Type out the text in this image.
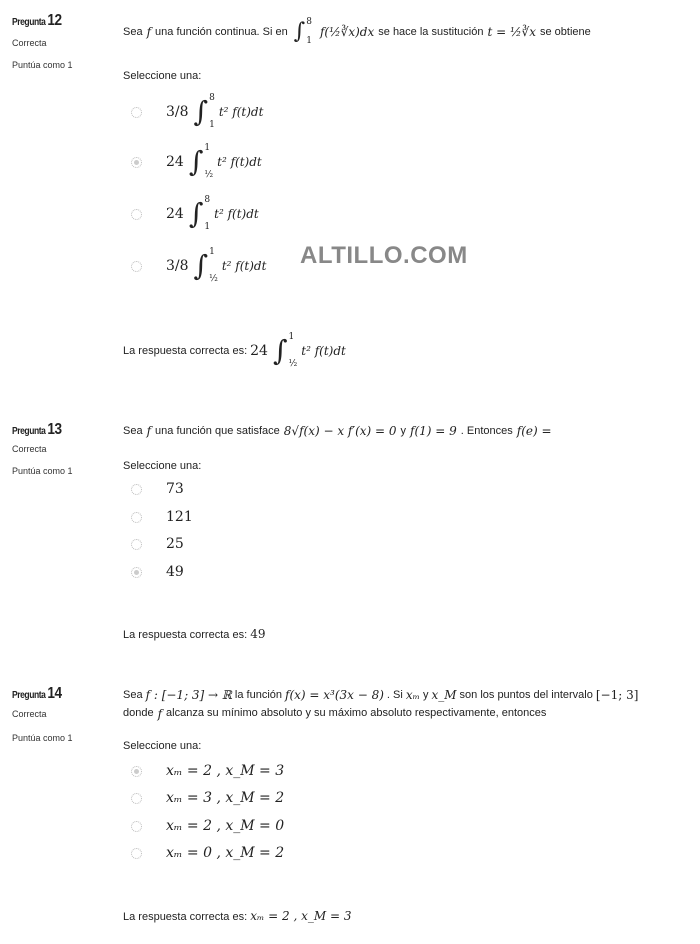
Pregunta 12
Correcta
Puntúa como 1
Sea f una función continua. Si en ∫ 8
1
f(½∛x)dx se hace la sustitución t = ½∛x se obtiene
Seleccione una:
3/8 ∫ 8
1
t² f(t)dt
24 ∫ 1
½
t² f(t)dt
24 ∫ 8
1
t² f(t)dt
3/8 ∫ 1
½
t² f(t)dt ALTILLO.COM
La respuesta correcta es: 24 ∫ 1
½
t² f(t)dt
Pregunta 13
Correcta
Puntúa como 1
Sea f una función que satisface 8√f(x) − x f′(x) = 0 y f(1) = 9 . Entonces f(e) =
Seleccione una:
73
121
25
49
La respuesta correcta es: 49
Pregunta 14
Correcta
Puntúa como 1
Sea f : [−1; 3] → ℝ la función f(x) = x³(3x − 8) . Si xₘ y x_M son los puntos del intervalo [−1; 3]
donde f alcanza su mínimo absoluto y su máximo absoluto respectivamente, entonces
Seleccione una:
xₘ = 2 , x_M = 3
xₘ = 3 , x_M = 2
xₘ = 2 , x_M = 0
xₘ = 0 , x_M = 2
La respuesta correcta es: xₘ = 2 , x_M = 3
